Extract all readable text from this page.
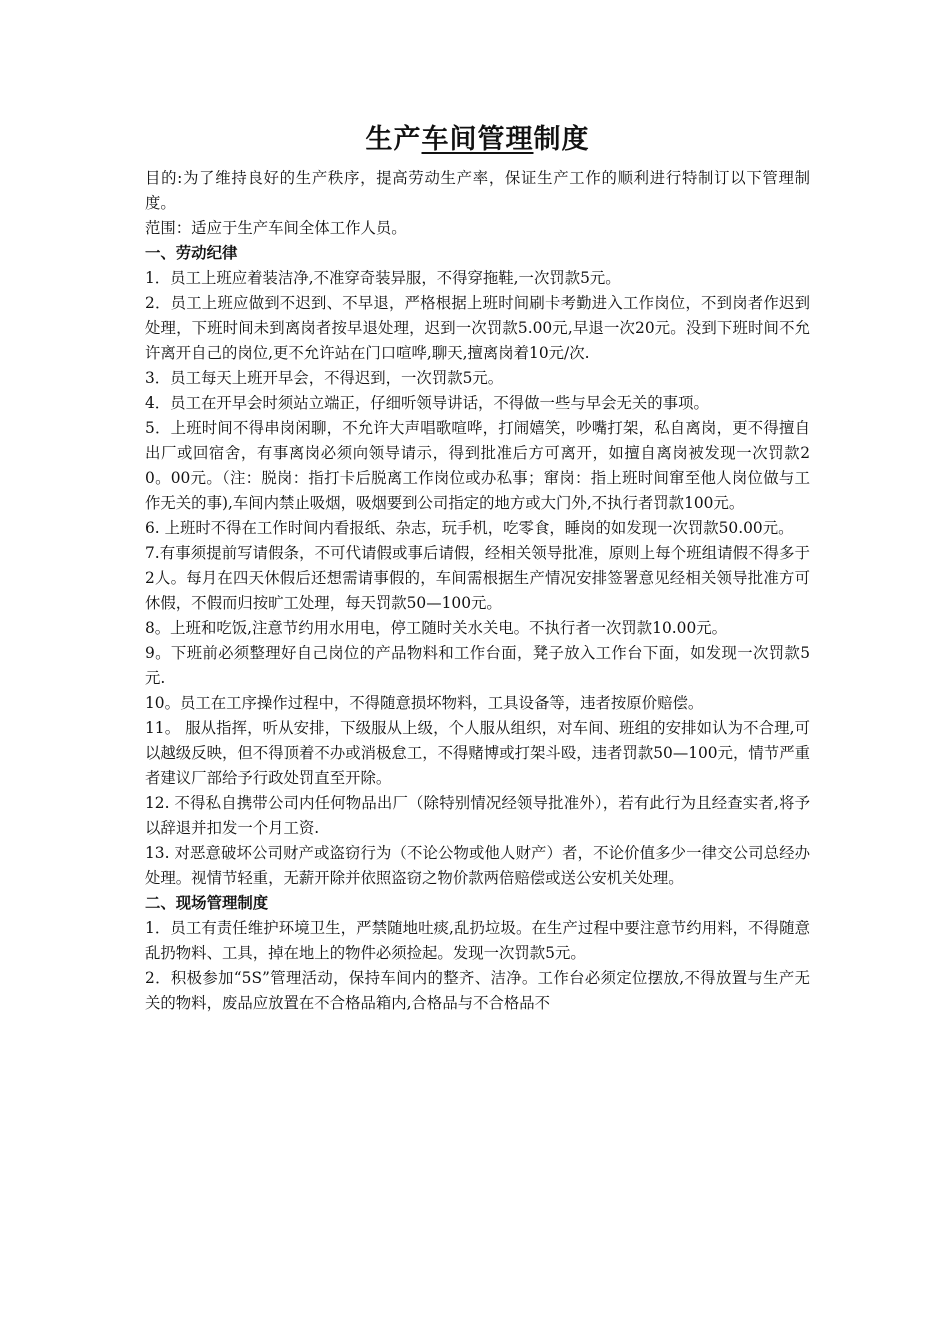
生产车间管理制度

目的:为了维持良好的生产秩序，提高劳动生产率，保证生产工作的顺利进行特制订以下管理制度。

范围：适应于生产车间全体工作人员。

一、劳动纪律

1．员工上班应着装洁净,不准穿奇装异服，不得穿拖鞋,一次罚款5元。

2．员工上班应做到不迟到、不早退，严格根据上班时间刷卡考勤进入工作岗位，不到岗者作迟到处理，下班时间未到离岗者按早退处理，迟到一次罚款5.00元,早退一次20元。没到下班时间不允许离开自己的岗位,更不允许站在门口喧哗,聊天,擅离岗着10元/次.

3．员工每天上班开早会，不得迟到，一次罚款5元。

4．员工在开早会时须站立端正，仔细听领导讲话，不得做一些与早会无关的事项。

5．上班时间不得串岗闲聊，不允许大声唱歌喧哗，打闹嬉笑，吵嘴打架，私自离岗，更不得擅自出厂或回宿舍，有事离岗必须向领导请示，得到批准后方可离开，如擅自离岗被发现一次罚款20。00元。（注：脱岗：指打卡后脱离工作岗位或办私事；窜岗：指上班时间窜至他人岗位做与工作无关的事),车间内禁止吸烟，吸烟要到公司指定的地方或大门外,不执行者罚款100元。

6. 上班时不得在工作时间内看报纸、杂志，玩手机，吃零食，睡岗的如发现一次罚款50.00元。

7.有事须提前写请假条，不可代请假或事后请假，经相关领导批准，原则上每个班组请假不得多于2人。每月在四天休假后还想需请事假的，车间需根据生产情况安排签署意见经相关领导批准方可休假，不假而归按旷工处理，每天罚款50—100元。

8。上班和吃饭,注意节约用水用电，停工随时关水关电。不执行者一次罚款10.00元。

9。下班前必须整理好自己岗位的产品物料和工作台面，凳子放入工作台下面，如发现一次罚款5元.

10。员工在工序操作过程中，不得随意损坏物料，工具设备等，违者按原价赔偿。

11。 服从指挥，听从安排，下级服从上级，个人服从组织，对车间、班组的安排如认为不合理,可以越级反映，但不得顶着不办或消极怠工，不得赌博或打架斗殴，违者罚款50—100元，情节严重者建议厂部给予行政处罚直至开除。

12. 不得私自携带公司内任何物品出厂（除特别情况经领导批准外），若有此行为且经查实者,将予以辞退并扣发一个月工资.

13. 对恶意破坏公司财产或盗窃行为（不论公物或他人财产）者，不论价值多少一律交公司总经办处理。视情节轻重，无薪开除并依照盗窃之物价款两倍赔偿或送公安机关处理。

二、现场管理制度

1．员工有责任维护环境卫生，严禁随地吐痰,乱扔垃圾。在生产过程中要注意节约用料，不得随意乱扔物料、工具，掉在地上的物件必须捡起。发现一次罚款5元。

2．积极参加“5S”管理活动，保持车间内的整齐、洁净。工作台必须定位摆放,不得放置与生产无关的物料，废品应放置在不合格品箱内,合格品与不合格品不
